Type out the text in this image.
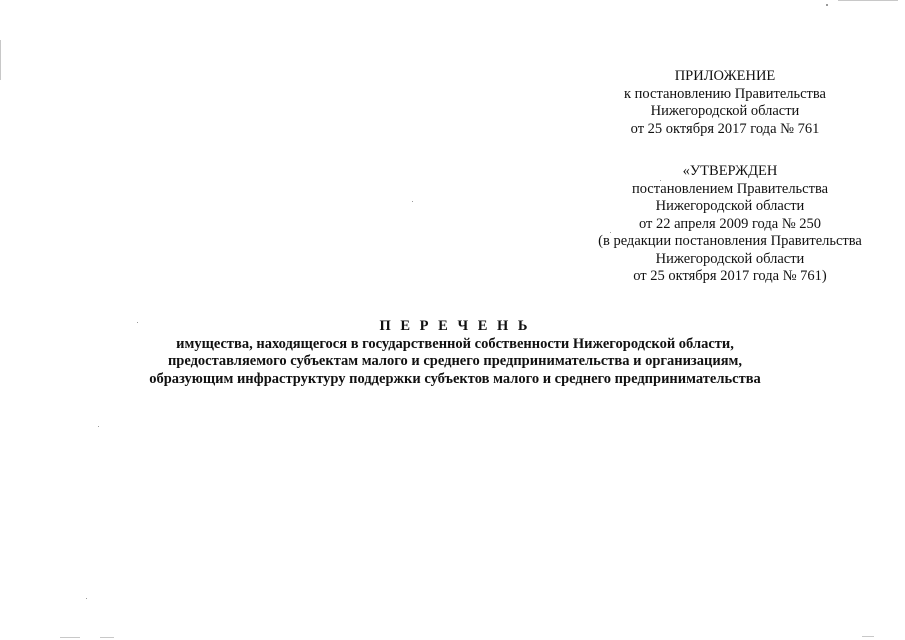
ПРИЛОЖЕНИЕ
к постановлению Правительства
Нижегородской области
от 25 октября 2017 года № 761
«УТВЕРЖДЕН
постановлением Правительства
Нижегородской области
от 22 апреля 2009 года № 250
(в редакции постановления Правительства
Нижегородской области
от 25 октября 2017 года № 761)
П Е Р Е Ч Е Н Ь
имущества, находящегося в государственной собственности Нижегородской области,
предоставляемого субъектам малого и среднего предпринимательства и организациям,
образующим инфраструктуру поддержки субъектов малого и среднего предпринимательства
